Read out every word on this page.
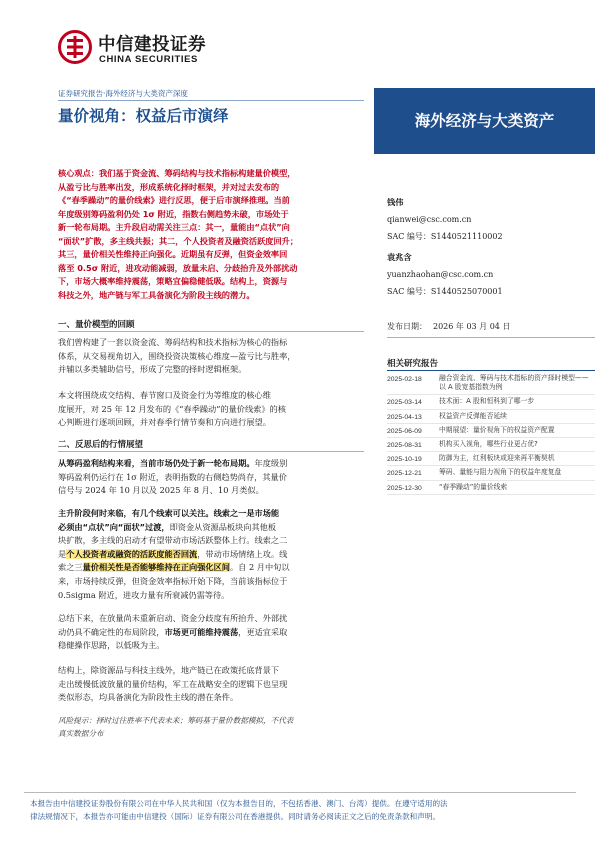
中信建投证券
CHINA SECURITIES
证券研究报告·海外经济与大类资产深度
量价视角：权益后市演绎	海外经济与大类资产
核心观点：我们基于资金流、筹码结构与技术指标构建量价模型，
从盈亏比与胜率出发，形成系统化择时框架，并对过去发布的
《“春季躁动”的量价线索》进行反思，便于后市演绎推理。当前
年度级别筹码盈利仍处 1σ 附近，指数右侧趋势未破，市场处于
新一轮布局期。主升段启动需关注三点：其一，量能由“点状”向
“面状”扩散，多主线共振；其二，个人投资者及融资活跃度回升；
其三，量价相关性维持正向强化。近期虽有反弹，但资金效率回
落至 0.5σ 附近，进攻动能减弱，放量未启、分歧抬升及外部扰动
下，市场大概率维持震荡，策略宜偏稳健低吸。结构上，资源与
科技之外，地产链与军工具备演化为阶段主线的潜力。
一、量价模型的回顾
我们曾构建了一套以资金流、筹码结构和技术指标为核心的指标
体系，从交易视角切入，围绕投资决策核心维度—盈亏比与胜率，
并辅以多类辅助信号，形成了完整的择时逻辑框架。
本文将围绕成交结构、春节窗口及资金行为等维度的核心维
度展开，对 25 年 12 月发布的《“春季躁动”的量价线索》的核
心判断进行逐项回顾，并对春季行情节奏和方向进行展望。
二、反思后的行情展望
从筹码盈利结构来看，当前市场仍处于新一轮布局期。年度级别
筹码盈利仍运行在 1σ 附近，表明指数的右侧趋势尚存，其量价
信号与 2024 年 10 月以及 2025 年 8 月、10 月类似。
主升阶段何时来临，有几个线索可以关注。线索之一是市场能
必须由“点状”向“面状”过渡，即资金从资源品板块向其他板
块扩散，多主线的启动才有望带动市场活跃整体上行。线索之二
是个人投资者或融资的活跃度能否回流，带动市场情绪上攻。线
索之三量价相关性是否能够维持在正向强化区间。自 2 月中旬以
来，市场持续反弹，但资金效率指标开始下降，当前该指标位于
0.5sigma 附近，进攻力量有所衰减仍需等待。
总结下来，在放量尚未重新启动、资金分歧度有所抬升、外部扰
动仍具不确定性的布局阶段，市场更可能维持震荡，更适宜采取
稳健操作思路，以低吸为主。
结构上，除资源品与科技主线外，地产链已在政策托底背景下
走出缓慢低波放量的量价结构，军工在战略安全的逻辑下也呈现
类似形态，均具备演化为阶段性主线的潜在条件。
风险提示：择时过往胜率不代表未来；筹码基于量价数据模拟，不代表
真实数据分布
钱伟
qianwei@csc.com.cn
SAC 编号：S1440521110002
袁兆含
yuanzhaohan@csc.com.cn
SAC 编号：S1440525070001
发布日期： 2026 年 03 月 04 日
相关研究报告
2025-02-18	融合资金流、筹码与技术指标的资产择时模型——以 A 股宽基指数为例
2025-03-14	技术面：A 股和恒科到了哪一步
2025-04-13	权益资产反弹能否延续
2025-06-09	中期展望：量价视角下的权益资产配置
2025-08-31	机构买入视角，哪些行业更占优?
2025-10-19	防御为主，红利板块或迎来再平衡契机
2025-12-21	筹码、量能与阻力视角下的权益年度复盘
2025-12-30	“春季躁动”的量价线索
本报告由中信建投证券股份有限公司在中华人民共和国（仅为本报告目的，不包括香港、澳门、台湾）提供。在遵守适用的法
律法规情况下，本报告亦可能由中信建投（国际）证券有限公司在香港提供。同时请务必阅读正文之后的免责条款和声明。
